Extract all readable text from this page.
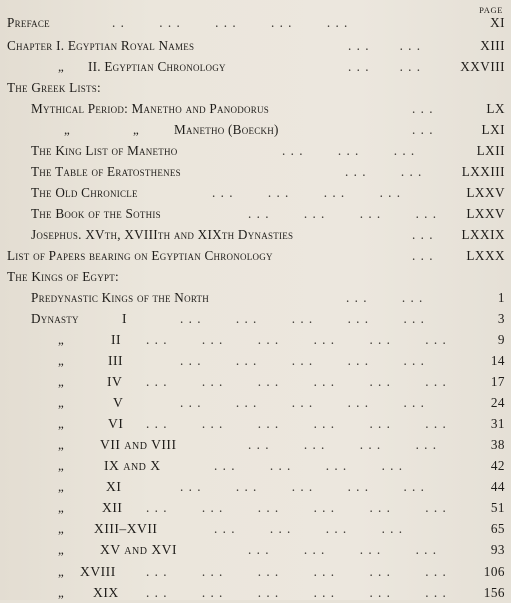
PAGE
Preface	. .        . . .        . . .        . . .        . . .	XI
Chapter I. Egyptian Royal Names	. . .       . . .	XIII
„ II. Egyptian Chronology	. . .       . . .	XXVIII
The Greek Lists:
Mythical Period: Manetho and Panodorus	. . .	LX
„ „	Manetho (Boeckh)	. . .	LXI
The King List of Manetho	. . .        . . .        . . .	LXII
The Table of Eratosthenes	. . .        . . .	LXXIII
The Old Chronicle	. . .        . . .        . . .        . . .	LXXV
The Book of the Sothis	. . .        . . .        . . .        . . . LXXV
Josephus. XVth, XVIIIth and XIXth Dynasties	. . . LXXIX
List of Papers bearing on Egyptian Chronology	. . . LXXX
The Kings of Egypt:
Predynastic Kings of the North	. . .        . . .	1
Dynasty	I	. . .        . . .        . . .        . . .        . . .	3
„	II . . .        . . .        . . .        . . .        . . .        . . .	9
„	III	. . .        . . .        . . .        . . .        . . .	14
„	IV . . .        . . .        . . .        . . .        . . .        . . .	17
„	V	. . .        . . .        . . .        . . .        . . .	24
„	VI . . .        . . .        . . .        . . .        . . .        . . .	31
„	VII and VIII	. . .        . . .        . . .        . . .	38
„	IX and X	. . .        . . .        . . .        . . .	42
„	XI	. . .        . . .        . . .        . . .        . . .	44
„	XII . . .        . . .        . . .        . . .        . . .        . . .	51
„ XIII–XVII	. . .        . . .        . . .        . . .	65
„	XV and XVI	. . .        . . .        . . .        . . .	93
„ XVIII . . .        . . .        . . .        . . .        . . .        . . .	106
„ XIX . . .        . . .        . . .        . . .        . . .        . . .	156
